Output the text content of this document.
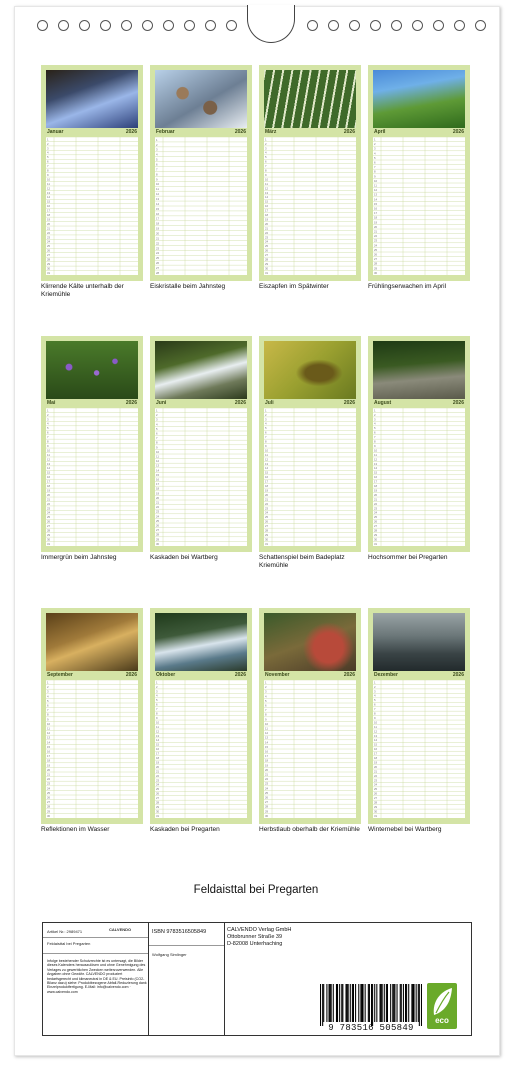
Januar	2026
1
2
3
4
5
6
7
8
9
10
11
12
13
14
15
16
17
18
19
20
21
22
23
24
25
26
27
28
29
30
31
Klirrende Kälte unterhalb der Kriemühle
Februar	2026
1
2
3
4
5
6
7
8
9
10
11
12
13
14
15
16
17
18
19
20
21
22
23
24
25
26
27
28
Eiskristalle beim Jahnsteg
März	2026
1
2
3
4
5
6
7
8
9
10
11
12
13
14
15
16
17
18
19
20
21
22
23
24
25
26
27
28
29
30
31
Eiszapfen im Spätwinter
April	2026
1
2
3
4
5
6
7
8
9
10
11
12
13
14
15
16
17
18
19
20
21
22
23
24
25
26
27
28
29
30
Frühlingserwachen im April
Mai	2026
1
2
3
4
5
6
7
8
9
10
11
12
13
14
15
16
17
18
19
20
21
22
23
24
25
26
27
28
29
30
31
Immergrün beim Jahnsteg
Juni	2026
1
2
3
4
5
6
7
8
9
10
11
12
13
14
15
16
17
18
19
20
21
22
23
24
25
26
27
28
29
30
Kaskaden bei Wartberg
Juli	2026
1
2
3
4
5
6
7
8
9
10
11
12
13
14
15
16
17
18
19
20
21
22
23
24
25
26
27
28
29
30
31
Schattenspiel beim Badeplatz Kriemühle
August	2026
1
2
3
4
5
6
7
8
9
10
11
12
13
14
15
16
17
18
19
20
21
22
23
24
25
26
27
28
29
30
31
Hochsommer bei Pregarten
September	2026
1
2
3
4
5
6
7
8
9
10
11
12
13
14
15
16
17
18
19
20
21
22
23
24
25
26
27
28
29
30
Reflektionen im Wasser
Oktober	2026
1
2
3
4
5
6
7
8
9
10
11
12
13
14
15
16
17
18
19
20
21
22
23
24
25
26
27
28
29
30
31
Kaskaden bei Pregarten
November	2026
1
2
3
4
5
6
7
8
9
10
11
12
13
14
15
16
17
18
19
20
21
22
23
24
25
26
27
28
29
30
Herbstlaub oberhalb der Kriemühle
Dezember	2026
1
2
3
4
5
6
7
8
9
10
11
12
13
14
15
16
17
18
19
20
21
22
23
24
25
26
27
28
29
30
31
Winternebel bei Wartberg
Feldaisttal bei Pregarten
Artikel Nr.: 2989471	CALVENDO
Feldaisttal bei Pregarten
Infolge bestehender Schutzrechte ist es untersagt, die Bilder dieses Kalenders herauszulösen und ohne Genehmigung des Verlages zu gewerblichen Zwecken weiterzuverwenden. Alle Angaben ohne Gewähr. CALVENDO produziert bedarfsgerecht und klimaneutral in DE & EU. Preisinfo (CO2-Bilanz dazu) siehe: Produktbezogene Abfall-Reduzierung dank Einzelproduktfertigung. E-Mail: info@calvendo.com · www.calvendo.com
ISBN 9783516505849
Wolfgang Simlinger
CALVENDO Verlag GmbH
Ottobrunner Straße 39
D-82008 Unterhaching
9 783516 505849
eco
